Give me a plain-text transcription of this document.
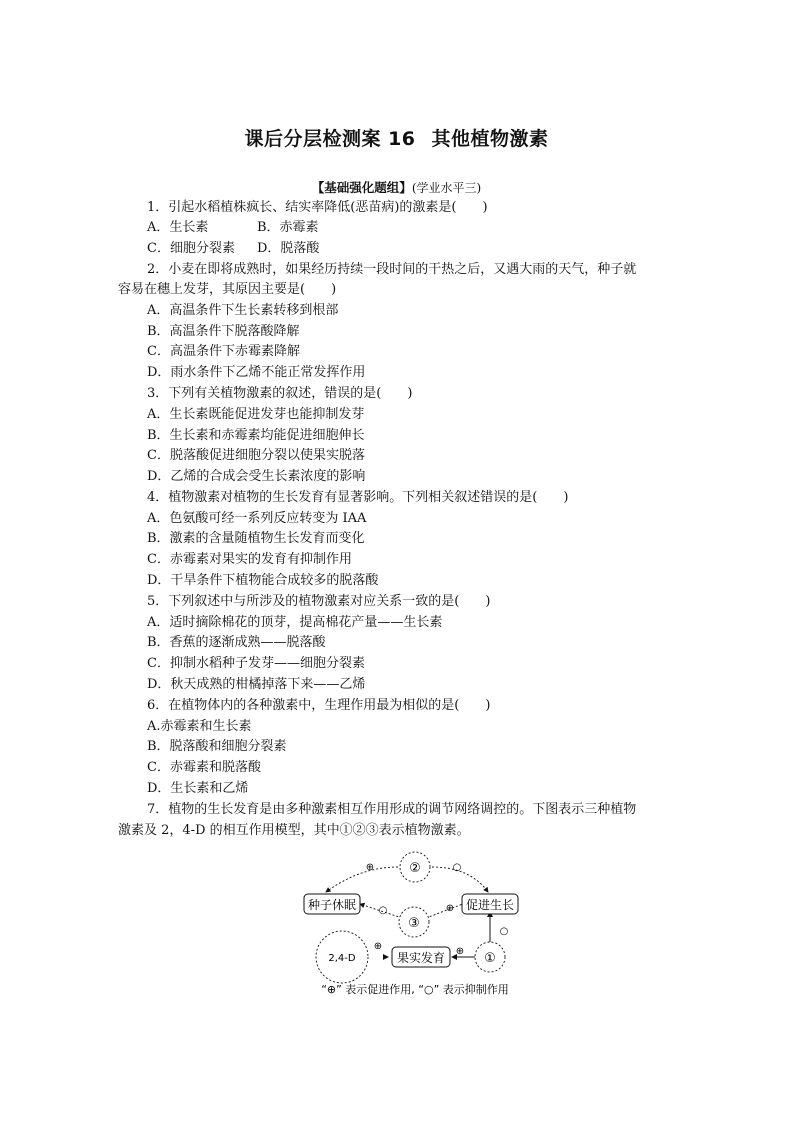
课后分层检测案 16 其他植物激素
【基础强化题组】(学业水平三)
1．引起水稻植株疯长、结实率降低(恶苗病)的激素是( )
A．生长素	B．赤霉素
C．细胞分裂素 D．脱落酸
2．小麦在即将成熟时，如果经历持续一段时间的干热之后，又遇大雨的天气，种子就
容易在穗上发芽，其原因主要是( )
A．高温条件下生长素转移到根部
B．高温条件下脱落酸降解
C．高温条件下赤霉素降解
D．雨水条件下乙烯不能正常发挥作用
3．下列有关植物激素的叙述，错误的是( )
A．生长素既能促进发芽也能抑制发芽
B．生长素和赤霉素均能促进细胞伸长
C．脱落酸促进细胞分裂以使果实脱落
D．乙烯的合成会受生长素浓度的影响
4．植物激素对植物的生长发育有显著影响。下列相关叙述错误的是( )
A．色氨酸可经一系列反应转变为 IAA
B．激素的含量随植物生长发育而变化
C．赤霉素对果实的发育有抑制作用
D．干旱条件下植物能合成较多的脱落酸
5．下列叙述中与所涉及的植物激素对应关系一致的是( )
A．适时摘除棉花的顶芽，提高棉花产量——生长素
B．香蕉的逐渐成熟——脱落酸
C．抑制水稻种子发芽——细胞分裂素
D．秋天成熟的柑橘掉落下来——乙烯
6．在植物体内的各种激素中，生理作用最为相似的是( )
A.赤霉素和生长素
B．脱落酸和细胞分裂素
C．赤霉素和脱落酸
D．生长素和乙烯
7．植物的生长发育是由多种激素相互作用形成的调节网络调控的。下图表示三种植物
激素及 2，4-D 的相互作用模型，其中①②③表示植物激素。
②
③
①
2,4-D
种子休眠	促进生长
果实发育
⊕	○
○	⊕
○
⊕
⊕
“⊕” 表示促进作用, “○” 表示抑制作用
